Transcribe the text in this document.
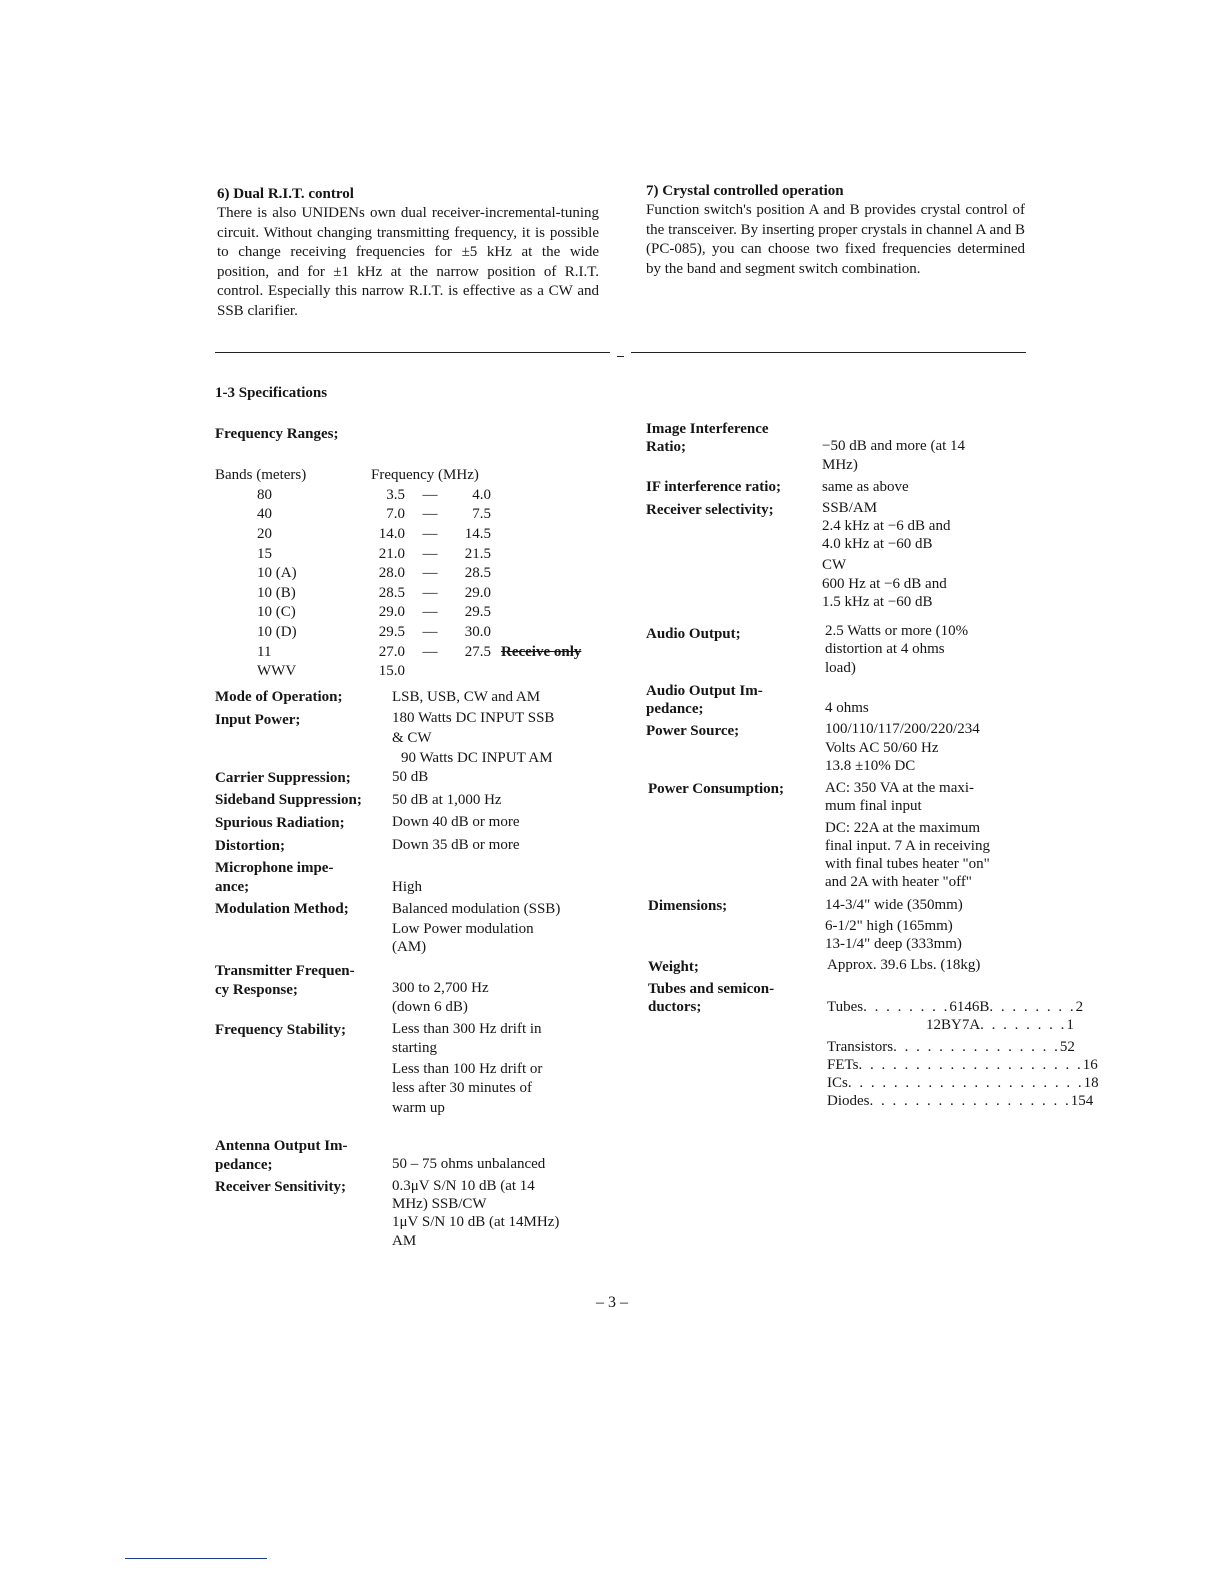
6) Dual R.I.T. control

There is also UNIDENs own dual receiver-incremental-tuning circuit. Without changing transmitting frequency, it is possible to change receiving frequencies for ±5 kHz at the wide position, and for ±1 kHz at the narrow position of R.I.T. control. Especially this narrow R.I.T. is effective as a CW and SSB clarifier.

7) Crystal controlled operation

Function switch's position A and B provides crystal control of the transceiver. By inserting proper crystals in channel A and B (PC-085), you can choose two fixed frequencies determined by the band and segment switch combination.

1-3 Specifications
Frequency Ranges;
Bands (meters)	Frequency (MHz)
80	3.5	—	4.0
40	7.0	—	7.5
20	14.0	—	14.5
15	21.0	—	21.5
10 (A)	28.0	—	28.5
10 (B)	28.5	—	29.0
10 (C)	29.0	—	29.5
10 (D)	29.5	—	30.0
11	27.0	—	27.5 Receive only
WWV	15.0
Mode of Operation;	LSB, USB, CW and AM
Input Power;	180 Watts DC INPUT SSB
& CW
90 Watts DC INPUT AM
Carrier Suppression;	50 dB
Sideband Suppression; 50 dB at 1,000 Hz
Spurious Radiation;	Down 40 dB or more
Distortion;	Down 35 dB or more
Microphone impe-
ance;	High
Modulation Method;	Balanced modulation (SSB)
Low Power modulation
(AM)
Transmitter Frequen-
cy Response;	300 to 2,700 Hz
(down 6 dB)
Frequency Stability;	Less than 300 Hz drift in
starting
Less than 100 Hz drift or
less after 30 minutes of
warm up
Antenna Output Im-
pedance;	50 – 75 ohms unbalanced
Receiver Sensitivity;	0.3μV S/N 10 dB (at 14
MHz) SSB/CW
1μV S/N 10 dB (at 14MHz)
AM
Image Interference
Ratio;	−50 dB and more (at 14
MHz)
IF interference ratio;	same as above
Receiver selectivity;	SSB/AM
2.4 kHz at −6 dB and
4.0 kHz at −60 dB
CW
600 Hz at −6 dB and
1.5 kHz at −60 dB
Audio Output;	2.5 Watts or more (10%
distortion at 4 ohms
load)
Audio Output Im-
pedance;	4 ohms
Power Source;	100/110/117/200/220/234
Volts AC 50/60 Hz
13.8 ±10% DC
Power Consumption;	AC: 350 VA at the maxi-
mum final input
DC: 22A at the maximum
final input. 7 A in receiving
with final tubes heater "on"
and 2A with heater "off"
Dimensions;	14-3/4" wide (350mm)
6-1/2" high (165mm)
13-1/4" deep (333mm)
Weight;	Approx. 39.6 Lbs. (18kg)
Tubes and semicon-
ductors;	Tubes . . . . . . . . 6146B . . . . . . . . 2
12BY7A . . . . . . . . 1
Transistors . . . . . . . . . . . . . . . 52
FETs . . . . . . . . . . . . . . . . . . . . 16
ICs . . . . . . . . . . . . . . . . . . . . . 18
Diodes . . . . . . . . . . . . . . . . . . 154
– 3 –
